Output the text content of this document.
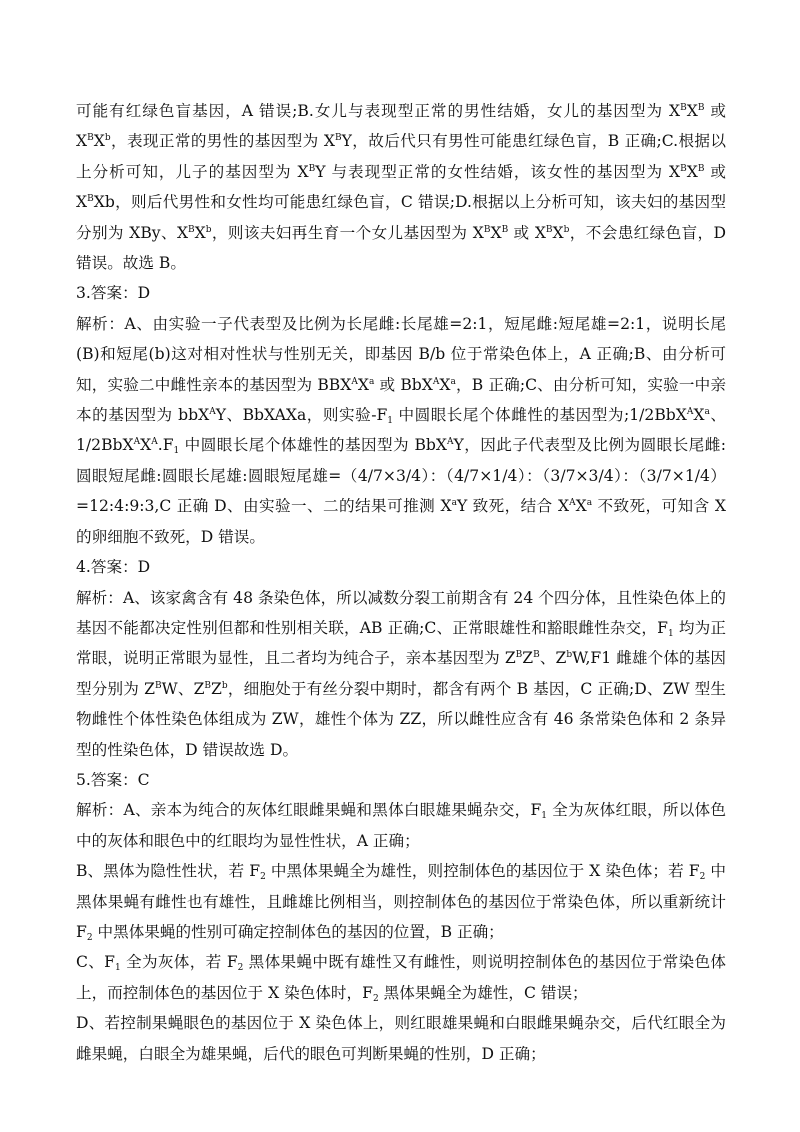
可能有红绿色盲基因，A 错误;B.女儿与表现型正常的男性结婚，女儿的基因型为 $X^BX^B$ 或 $X^BX^b$，表现正常的男性的基因型为 $X^BY$，故后代只有男性可能患红绿色盲，B 正确;C.根据以上分析可知，儿子的基因型为 $X^BY$ 与表现型正常的女性结婚，该女性的基因型为 $X^BX^B$ 或 $X^BXb$，则后代男性和女性均可能患红绿色盲，C 错误;D.根据以上分析可知，该夫妇的基因型分别为 XBy、$X^BX^b$，则该夫妇再生育一个女儿基因型为 $X^BX^B$ 或 $X^BX^b$，不会患红绿色盲，D 错误。故选 B。

3.答案：D

解析：A、由实验一子代表型及比例为长尾雌:长尾雄=2:1，短尾雌:短尾雄=2:1，说明长尾(B)和短尾(b)这对相对性状与性别无关，即基因 B/b 位于常染色体上，A 正确;B、由分析可知，实验二中雌性亲本的基因型为 $BBX^AX^a$ 或 $BbX^AX^a$，B 正确;C、由分析可知，实验一中亲本的基因型为 bbX$^A$Y、BbXAXa，则实验$-F_1$ 中圆眼长尾个体雌性的基因型为$;1/2BbX^AX^a$、$1/2BbX^AX^A.F_1$ 中圆眼长尾个体雄性的基因型为 BbX$^A$Y，因此子代表型及比例为圆眼长尾雌:圆眼短尾雌:圆眼长尾雄:圆眼短尾雄=（4/7×3/4）：（4/7×1/4）：（3/7×3/4）：（3/7×1/4）=12:4:9:3,C 正确 D、由实验一、二的结果可推测 $X^aY$ 致死，结合 $X^AX^a$ 不致死，可知含 X 的卵细胞不致死，D 错误。

4.答案：D

解析：A、该家禽含有 48 条染色体，所以减数分裂工前期含有 24 个四分体，且性染色体上的基因不能都决定性别但都和性别相关联，AB 正确;C、正常眼雄性和豁眼雌性杂交，$F_1$ 均为正常眼，说明正常眼为显性，且二者均为纯合子，亲本基因型为 $Z^BZ^B$、$Z^bW,F1$ 雌雄个体的基因型分别为 $Z^BW$、$Z^BZ^b$，细胞处于有丝分裂中期时，都含有两个 B 基因，C 正确;D、ZW 型生物雌性个体性染色体组成为 ZW，雄性个体为 ZZ，所以雌性应含有 46 条常染色体和 2 条异型的性染色体，D 错误故选 D。

5.答案：C

解析：A、亲本为纯合的灰体红眼雌果蝇和黑体白眼雄果蝇杂交，$F_1$ 全为灰体红眼，所以体色中的灰体和眼色中的红眼均为显性性状，A 正确；

B、黑体为隐性性状，若 $F_2$ 中黑体果蝇全为雄性，则控制体色的基因位于 X 染色体；若 $F_2$ 中黑体果蝇有雌性也有雄性，且雌雄比例相当，则控制体色的基因位于常染色体，所以重新统计 $F_2$ 中黑体果蝇的性别可确定控制体色的基因的位置，B 正确；

C、$F_1$ 全为灰体，若 $F_2$ 黑体果蝇中既有雄性又有雌性，则说明控制体色的基因位于常染色体上，而控制体色的基因位于 X 染色体时，$F_2$ 黑体果蝇全为雄性，C 错误；

D、若控制果蝇眼色的基因位于 X 染色体上，则红眼雄果蝇和白眼雌果蝇杂交，后代红眼全为雌果蝇，白眼全为雄果蝇，后代的眼色可判断果蝇的性别，D 正确；
